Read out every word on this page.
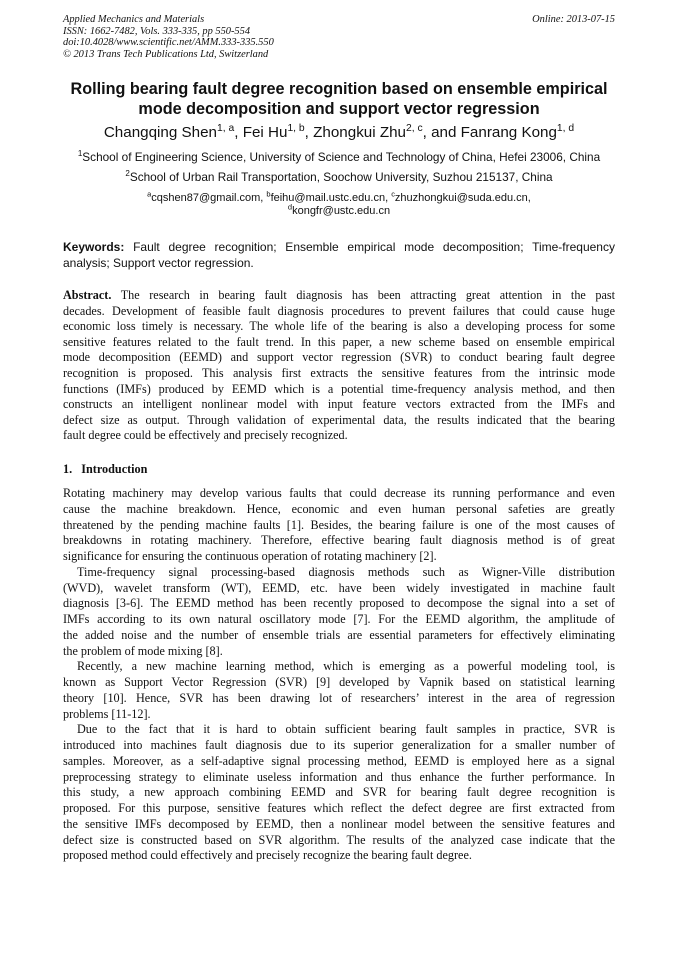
Applied Mechanics and Materials
ISSN: 1662-7482, Vols. 333-335, pp 550-554
doi:10.4028/www.scientific.net/AMM.333-335.550
© 2013 Trans Tech Publications Ltd, Switzerland
Online: 2013-07-15
Rolling bearing fault degree recognition based on ensemble empirical
mode decomposition and support vector regression
Changqing Shen$^{1, a}$, Fei Hu$^{1, b}$, Zhongkui Zhu$^{2, c}$, and Fanrang Kong$^{1, d}$
$^1$School of Engineering Science, University of Science and Technology of China, Hefei 23006, China
$^2$School of Urban Rail Transportation, Soochow University, Suzhou 215137, China
$^a$cqshen87@gmail.com, $^b$feihu@mail.ustc.edu.cn, $^c$zhuzhongkui@suda.edu.cn,
$^d$kongfr@ustc.edu.cn
Keywords: Fault degree recognition; Ensemble empirical mode decomposition; Time-frequency
analysis; Support vector regression.
Abstract. The research in bearing fault diagnosis has been attracting great attention in the past
decades. Development of feasible fault diagnosis procedures to prevent failures that could cause huge
economic loss timely is necessary. The whole life of the bearing is also a developing process for some
sensitive features related to the fault trend. In this paper, a new scheme based on ensemble empirical
mode decomposition (EEMD) and support vector regression (SVR) to conduct bearing fault degree
recognition is proposed. This analysis first extracts the sensitive features from the intrinsic mode
functions (IMFs) produced by EEMD which is a potential time-frequency analysis method, and then
constructs an intelligent nonlinear model with input feature vectors extracted from the IMFs and
defect size as output. Through validation of experimental data, the results indicated that the bearing
fault degree could be effectively and precisely recognized.
1. Introduction
Rotating machinery may develop various faults that could decrease its running performance and even
cause the machine breakdown. Hence, economic and even human personal safeties are greatly
threatened by the pending machine faults [1]. Besides, the bearing failure is one of the most causes of
breakdowns in rotating machinery. Therefore, effective bearing fault diagnosis method is of great
significance for ensuring the continuous operation of rotating machinery [2].
Time-frequency signal processing-based diagnosis methods such as Wigner-Ville distribution
(WVD), wavelet transform (WT), EEMD, etc. have been widely investigated in machine fault
diagnosis [3-6]. The EEMD method has been recently proposed to decompose the signal into a set of
IMFs according to its own natural oscillatory mode [7]. For the EEMD algorithm, the amplitude of
the added noise and the number of ensemble trials are essential parameters for effectively eliminating
the problem of mode mixing [8].
Recently, a new machine learning method, which is emerging as a powerful modeling tool, is
known as Support Vector Regression (SVR) [9] developed by Vapnik based on statistical learning
theory [10]. Hence, SVR has been drawing lot of researchers’ interest in the area of regression
problems [11-12].
Due to the fact that it is hard to obtain sufficient bearing fault samples in practice, SVR is
introduced into machines fault diagnosis due to its superior generalization for a smaller number of
samples. Moreover, as a self-adaptive signal processing method, EEMD is employed here as a signal
preprocessing strategy to eliminate useless information and thus enhance the further performance. In
this study, a new approach combining EEMD and SVR for bearing fault degree recognition is
proposed. For this purpose, sensitive features which reflect the defect degree are first extracted from
the sensitive IMFs decomposed by EEMD, then a nonlinear model between the sensitive features and
defect size is constructed based on SVR algorithm. The results of the analyzed case indicate that the
proposed method could effectively and precisely recognize the bearing fault degree.
